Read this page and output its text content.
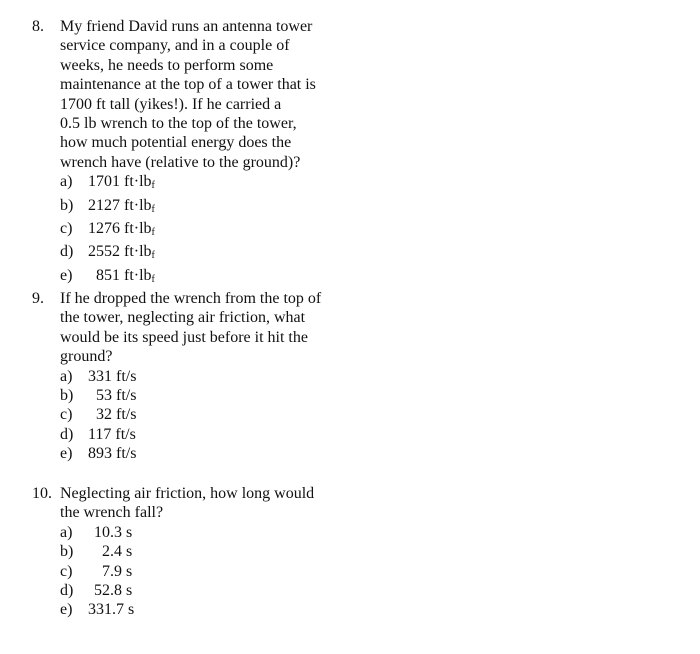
8.	My friend David runs an antenna tower
service company, and in a couple of
weeks, he needs to perform some
maintenance at the top of a tower that is
1700 ft tall (yikes!). If he carried a
0.5 lb wrench to the top of the tower,
how much potential energy does the
wrench have (relative to the ground)?
a) 1701 $ft\cdot lb_f$
b) 2127 $ft\cdot lb_f$
c) 1276 $ft\cdot lb_f$
d) 2552 $ft\cdot lb_f$
e)	851 $ft\cdot lb_f$
9.	If he dropped the wrench from the top of
the tower, neglecting air friction, what
would be its speed just before it hit the
ground?
a) 331 ft/s
b)	53 ft/s
c)	32 ft/s
d) 117 ft/s
e) 893 ft/s
10. Neglecting air friction, how long would
the wrench fall?
a)	10.3 s
b)	2.4 s
c)	7.9 s
d)	52.8 s
e) 331.7 s
